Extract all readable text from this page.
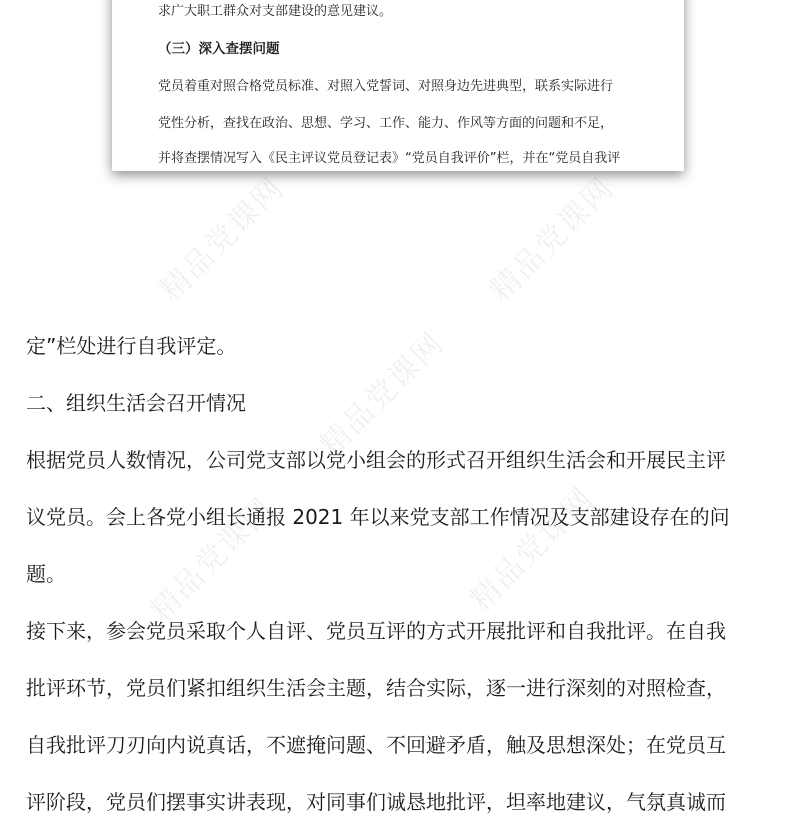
精品党课网	精品党课网
精品党课网
精品党课网	精品党课网
求广大职工群众对支部建设的意见建议。
（三）深入查摆问题
党员着重对照合格党员标准、对照入党誓词、对照身边先进典型，联系实际进行
党性分析，查找在政治、思想、学习、工作、能力、作风等方面的问题和不足，
并将查摆情况写入《民主评议党员登记表》“党员自我评价”栏，并在“党员自我评
定”栏处进行自我评定。
二、组织生活会召开情况
根据党员人数情况，公司党支部以党小组会的形式召开组织生活会和开展民主评
议党员。会上各党小组长通报 2021 年以来党支部工作情况及支部建设存在的问
题。
接下来，参会党员采取个人自评、党员互评的方式开展批评和自我批评。在自我
批评环节，党员们紧扣组织生活会主题，结合实际，逐一进行深刻的对照检查，
自我批评刀刃向内说真话，不遮掩问题、不回避矛盾，触及思想深处；在党员互
评阶段，党员们摆事实讲表现，对同事们诚恳地批评，坦率地建议，气氛真诚而
